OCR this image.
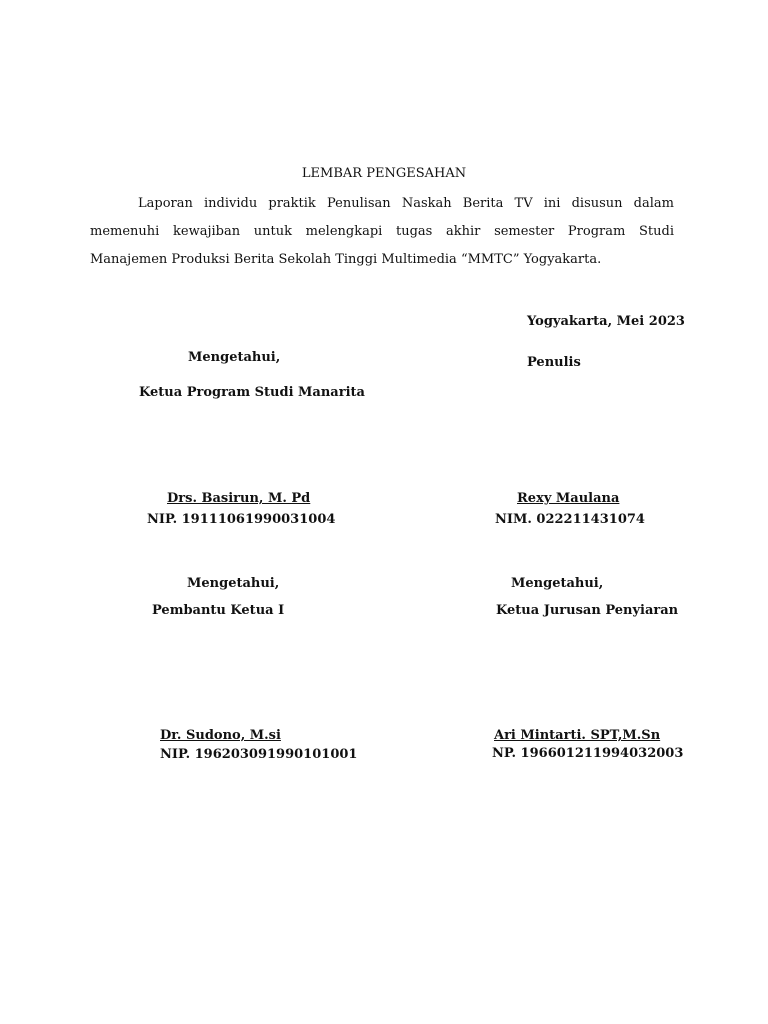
LEMBAR PENGESAHAN
Laporan individu praktik Penulisan Naskah Berita TV ini disusun dalam memenuhi kewajiban untuk melengkapi tugas akhir semester Program Studi Manajemen Produksi Berita Sekolah Tinggi Multimedia “MMTC” Yogyakarta.
Yogyakarta, Mei 2023
Mengetahui,	Penulis
Ketua Program Studi Manarita
Drs. Basirun, M. Pd	Rexy Maulana
NIP. 19111061990031004	NIM. 022211431074
Mengetahui,	Mengetahui,
Pembantu Ketua I	Ketua Jurusan Penyiaran
Dr. Sudono, M.si	Ari Mintarti. SPT,M.Sn
NIP. 196203091990101001	NP. 196601211994032003
